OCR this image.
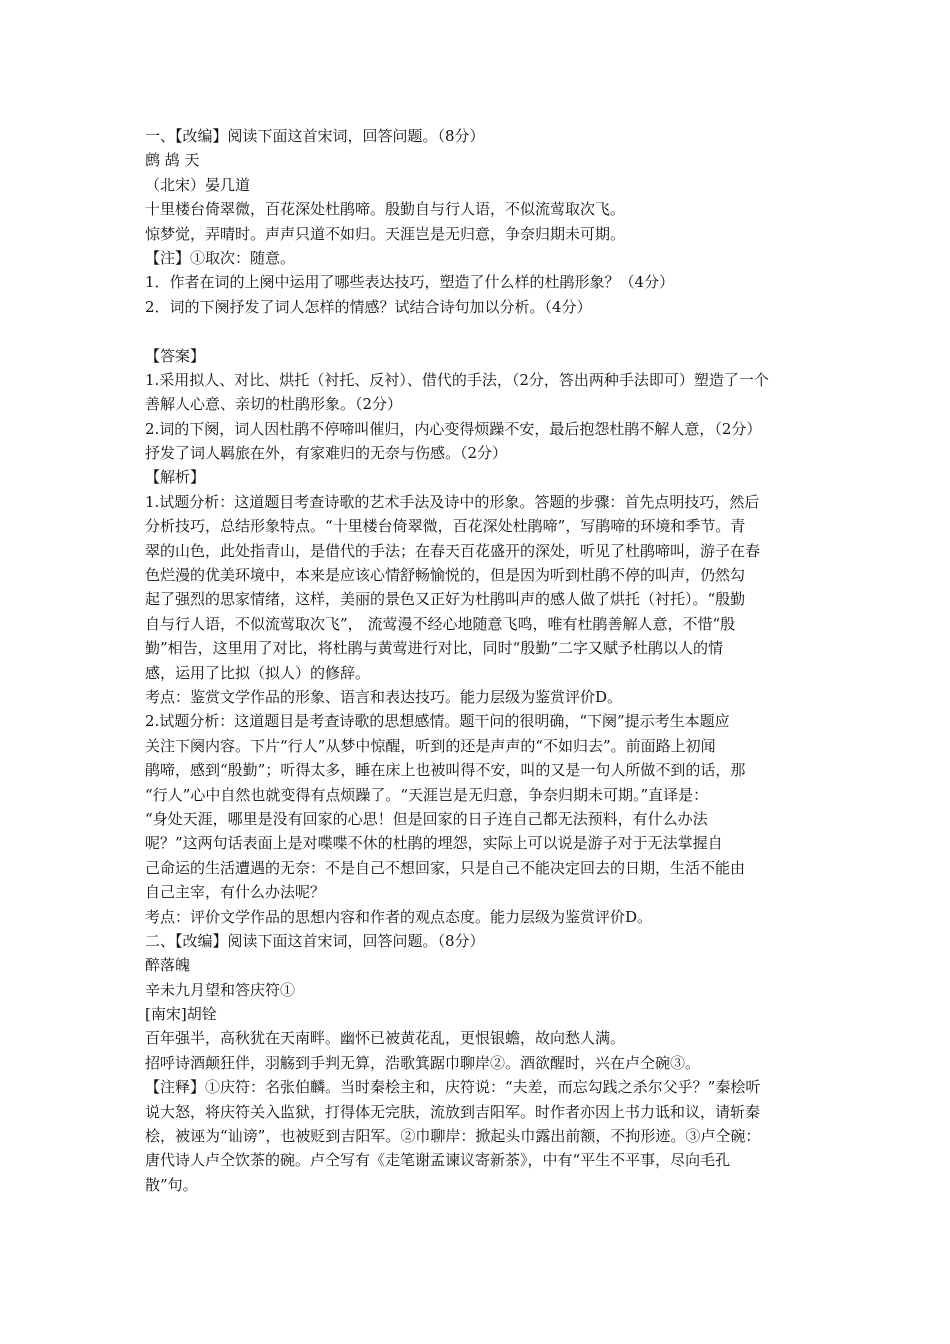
一、【改编】阅读下面这首宋词，回答问题。（8分）
鹧 鸪 天
（北宋）晏几道
十里楼台倚翠微，百花深处杜鹃啼。殷勤自与行人语，不似流莺取次飞。
惊梦觉，弄晴时。声声只道不如归。天涯岂是无归意，争奈归期未可期。
【注】①取次：随意。
1．作者在词的上阕中运用了哪些表达技巧，塑造了什么样的杜鹃形象？（4分）
2．词的下阕抒发了词人怎样的情感？试结合诗句加以分析。（4分）
【答案】
1.采用拟人、对比、烘托（衬托、反衬）、借代的手法，（2分，答出两种手法即可）塑造了一个
善解人心意、亲切的杜鹃形象。（2分）
2.词的下阕，词人因杜鹃不停啼叫催归，内心变得烦躁不安，最后抱怨杜鹃不解人意，（2分）
抒发了词人羁旅在外，有家难归的无奈与伤感。（2分）
【解析】
1.试题分析：这道题目考查诗歌的艺术手法及诗中的形象。答题的步骤：首先点明技巧，然后
分析技巧，总结形象特点。“十里楼台倚翠微，百花深处杜鹃啼”，写鹃啼的环境和季节。青
翠的山色，此处指青山，是借代的手法；在春天百花盛开的深处，听见了杜鹃啼叫，游子在春
色烂漫的优美环境中，本来是应该心情舒畅愉悦的，但是因为听到杜鹃不停的叫声，仍然勾
起了强烈的思家情绪，这样，美丽的景色又正好为杜鹃叫声的感人做了烘托（衬托）。“殷勤
自与行人语，不似流莺取次飞”， 流莺漫不经心地随意飞鸣，唯有杜鹃善解人意，不惜“殷
勤”相告，这里用了对比，将杜鹃与黄莺进行对比，同时“殷勤”二字又赋予杜鹃以人的情
感，运用了比拟（拟人）的修辞。
考点：鉴赏文学作品的形象、语言和表达技巧。能力层级为鉴赏评价D。
2.试题分析：这道题目是考查诗歌的思想感情。题干问的很明确，“下阕”提示考生本题应
关注下阕内容。下片“行人”从梦中惊醒，听到的还是声声的“不如归去”。前面路上初闻
鹃啼，感到“殷勤”；听得太多，睡在床上也被叫得不安，叫的又是一句人所做不到的话，那
“行人”心中自然也就变得有点烦躁了。“天涯岂是无归意，争奈归期未可期。”直译是：
“身处天涯，哪里是没有回家的心思！但是回家的日子连自己都无法预料，有什么办法
呢？”这两句话表面上是对喋喋不休的杜鹃的埋怨，实际上可以说是游子对于无法掌握自
己命运的生活遭遇的无奈：不是自己不想回家，只是自己不能决定回去的日期，生活不能由
自己主宰，有什么办法呢？
考点：评价文学作品的思想内容和作者的观点态度。能力层级为鉴赏评价D。
二、【改编】阅读下面这首宋词，回答问题。（8分）
醉落魄
辛未九月望和答庆符①
[南宋]胡铨
百年强半，高秋犹在天南畔。幽怀已被黄花乱，更恨银蟾，故向愁人满。
招呼诗酒颠狂伴，羽觞到手判无算，浩歌箕踞巾聊岸②。酒欲醒时，兴在卢仝碗③。
【注释】①庆符：名张伯麟。当时秦桧主和，庆符说：“夫差，而忘勾践之杀尔父乎？”秦桧听
说大怒，将庆符关入监狱，打得体无完肤，流放到吉阳军。时作者亦因上书力诋和议，请斩秦
桧，被诬为“讪谤”，也被贬到吉阳军。②巾聊岸：掀起头巾露出前额，不拘形迹。③卢仝碗：
唐代诗人卢仝饮茶的碗。卢仝写有《走笔谢孟谏议寄新茶》，中有“平生不平事，尽向毛孔
散”句。
